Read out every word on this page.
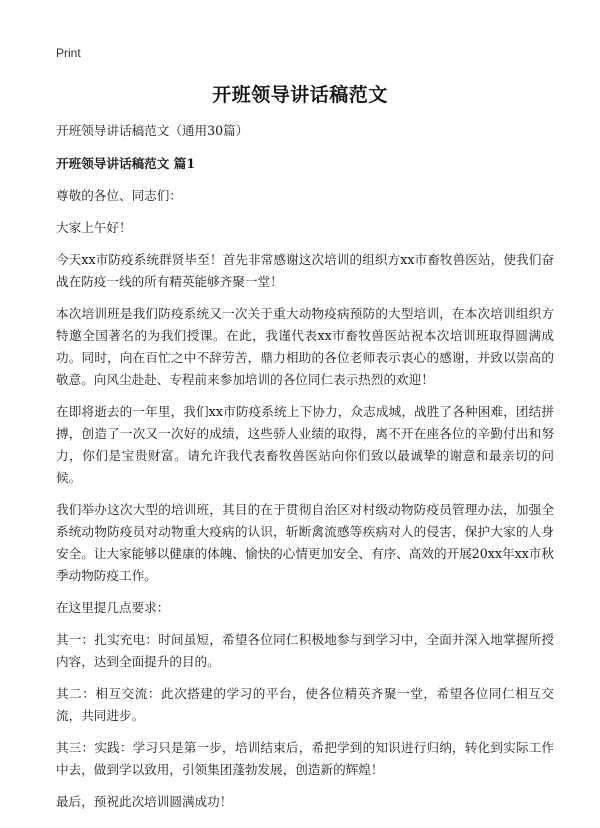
Print
开班领导讲话稿范文
开班领导讲话稿范文（通用30篇）
开班领导讲话稿范文 篇1
尊敬的各位、同志们：
大家上午好！
今天xx市防疫系统群贤毕至！首先非常感谢这次培训的组织方xx市畜牧兽医站，使我们奋战在防疫一线的所有精英能够齐聚一堂！
本次培训班是我们防疫系统又一次关于重大动物疫病预防的大型培训，在本次培训组织方特邀全国著名的为我们授课。在此，我谨代表xx市畜牧兽医站祝本次培训班取得圆满成功。同时，向在百忙之中不辞劳苦，鼎力相助的各位老师表示衷心的感谢，并致以崇高的敬意。向风尘赴赴、专程前来参加培训的各位同仁表示热烈的欢迎！
在即将逝去的一年里，我们xx市防疫系统上下协力，众志成城，战胜了各种困难，团结拼搏，创造了一次又一次好的成绩，这些骄人业绩的取得，离不开在座各位的辛勤付出和努力，你们是宝贵财富。请允许我代表畜牧兽医站向你们致以最诚挚的谢意和最亲切的问候。
我们举办这次大型的培训班，其目的在于贯彻自治区对村级动物防疫员管理办法，加强全系统动物防疫员对动物重大疫病的认识，斩断禽流感等疾病对人的侵害，保护大家的人身安全。让大家能够以健康的体魄、愉快的心情更加安全、有序、高效的开展20xx年xx市秋季动物防疫工作。
在这里提几点要求：
其一：扎实充电：时间虽短，希望各位同仁积极地参与到学习中，全面并深入地掌握所授内容，达到全面提升的目的。
其二：相互交流：此次搭建的学习的平台，使各位精英齐聚一堂，希望各位同仁相互交流，共同进步。
其三：实践：学习只是第一步，培训结束后，希把学到的知识进行归纳，转化到实际工作中去，做到学以致用，引领集团蓬勃发展，创造新的辉煌！
最后，预祝此次培训圆满成功！
